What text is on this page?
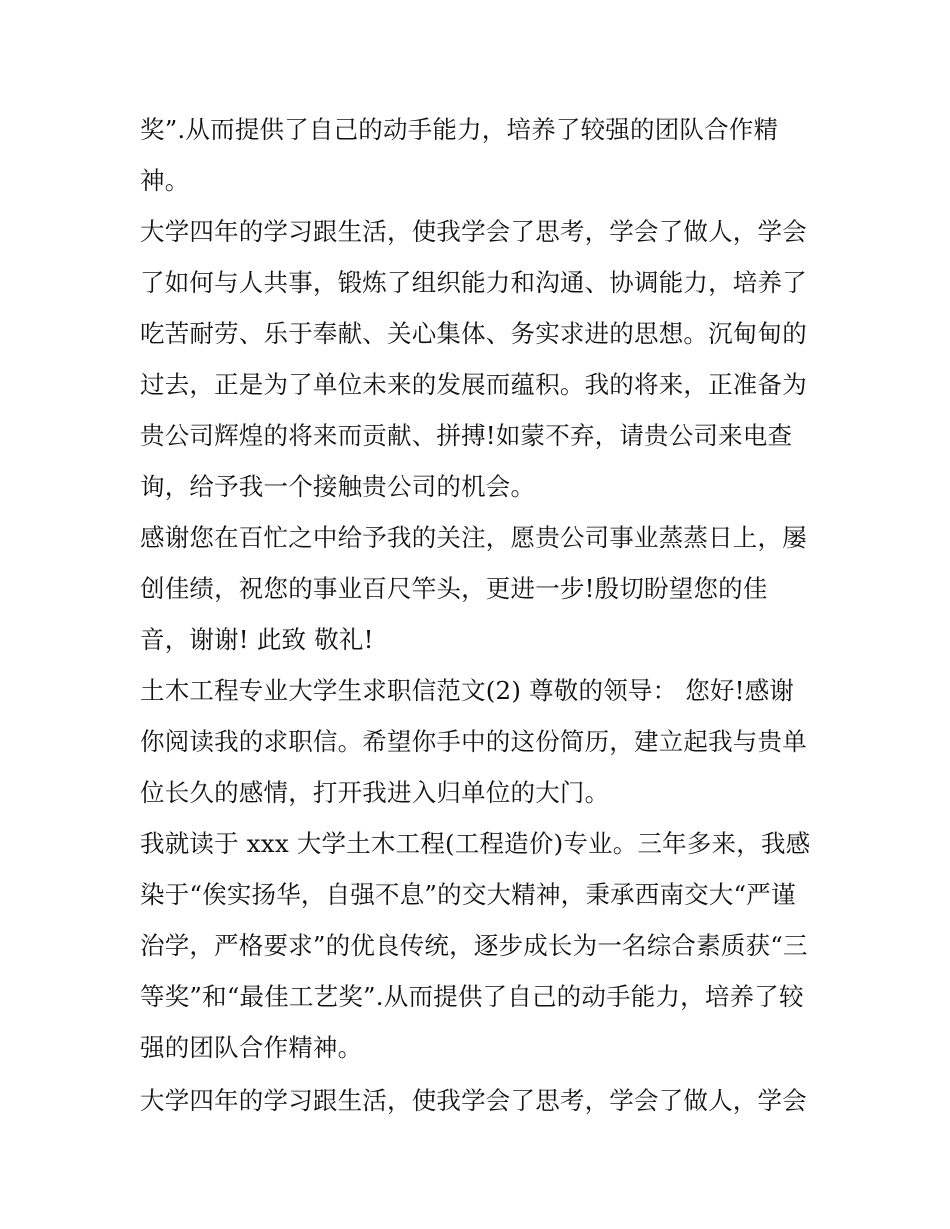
奖”.从而提供了自己的动手能力，培养了较强的团队合作精
神。
大学四年的学习跟生活，使我学会了思考，学会了做人，学会
了如何与人共事，锻炼了组织能力和沟通、协调能力，培养了
吃苦耐劳、乐于奉献、关心集体、务实求进的思想。沉甸甸的
过去，正是为了单位未来的发展而蕴积。我的将来，正准备为
贵公司辉煌的将来而贡献、拼搏!如蒙不弃，请贵公司来电查
询，给予我一个接触贵公司的机会。
感谢您在百忙之中给予我的关注，愿贵公司事业蒸蒸日上，屡
创佳绩，祝您的事业百尺竿头，更进一步!殷切盼望您的佳
音，谢谢! 此致 敬礼!
土木工程专业大学生求职信范文(2) 尊敬的领导： 您好!感谢
你阅读我的求职信。希望你手中的这份简历，建立起我与贵单
位长久的感情，打开我进入归单位的大门。
我就读于 xxx 大学土木工程(工程造价)专业。三年多来，我感
染于“俟实扬华，自强不息”的交大精神，秉承西南交大“严谨
治学，严格要求”的优良传统，逐步成长为一名综合素质获“三
等奖”和“最佳工艺奖”.从而提供了自己的动手能力，培养了较
强的团队合作精神。
大学四年的学习跟生活，使我学会了思考，学会了做人，学会
